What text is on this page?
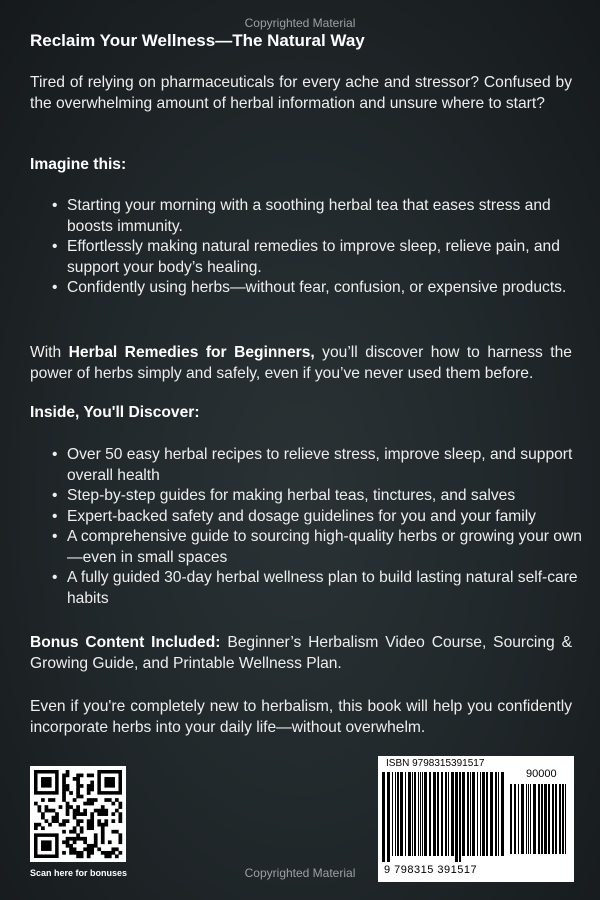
Copyrighted Material
Reclaim Your Wellness—The Natural Way
Tired of relying on pharmaceuticals for every ache and stressor? Confused by the overwhelming amount of herbal information and unsure where to start?
Imagine this:
• Starting your morning with a soothing herbal tea that eases stress and boosts immunity.
• Effortlessly making natural remedies to improve sleep, relieve pain, and support your body’s healing.
• Confidently using herbs—without fear, confusion, or expensive products.
With Herbal Remedies for Beginners, you’ll discover how to harness the power of herbs simply and safely, even if you’ve never used them before.
Inside, You'll Discover:
• Over 50 easy herbal recipes to relieve stress, improve sleep, and support overall health
• Step-by-step guides for making herbal teas, tinctures, and salves
• Expert-backed safety and dosage guidelines for you and your family
• A comprehensive guide to sourcing high-quality herbs or growing your own—even in small spaces
• A fully guided 30-day herbal wellness plan to build lasting natural self-care habits
Bonus Content Included: Beginner’s Herbalism Video Course, Sourcing & Growing Guide, and Printable Wellness Plan.
Even if you're completely new to herbalism, this book will help you confidently incorporate herbs into your daily life—without overwhelm.
Scan here for bonuses
ISBN 9798315391517
90000
9 798315 391517
Copyrighted Material
